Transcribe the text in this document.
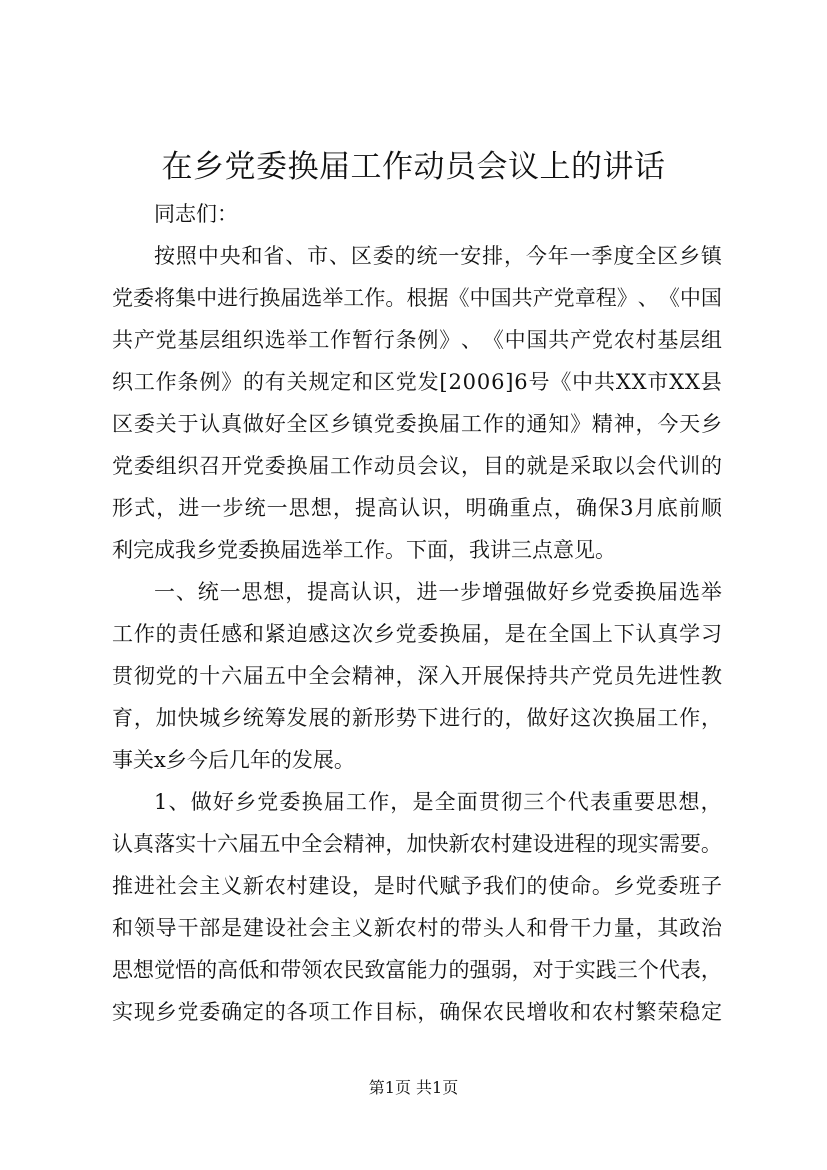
在乡党委换届工作动员会议上的讲话
同志们：
按 照 中 央 和 省 、 市 、 区 委 的 统 一 安 排 ， 今 年 一 季 度 全 区 乡 镇
党 委 将 集 中 进 行 换 届 选 举 工 作 。 根 据 《 中 国 共 产 党 章 程 》 、 《 中 国
共 产 党 基 层 组 织 选 举 工 作 暂 行 条 例 》 、 《 中 国 共 产 党 农 村 基 层 组
织 工 作 条 例 》 的 有 关 规 定 和 区 党 发 [ 2 0 0 6 ] 6 号 《 中 共 X X 市 X X 县
区 委 关 于 认 真 做 好 全 区 乡 镇 党 委 换 届 工 作 的 通 知 》 精 神 ， 今 天 乡
党 委 组 织 召 开 党 委 换 届 工 作 动 员 会 议 ， 目 的 就 是 采 取 以 会 代 训 的
形 式 ， 进 一 步 统 一 思 想 ， 提 高 认 识 ， 明 确 重 点 ， 确 保 3 月 底 前 顺
利完成我乡党委换届选举工作。下面，我讲三点意见。
一 、 统 一 思 想 ， 提 高 认 识 ， 进 一 步 增 强 做 好 乡 党 委 换 届 选 举
工 作 的 责 任 感 和 紧 迫 感 这 次 乡 党 委 换 届 ， 是 在 全 国 上 下 认 真 学 习
贯 彻 党 的 十 六 届 五 中 全 会 精 神 ， 深 入 开 展 保 持 共 产 党 员 先 进 性 教
育 ， 加 快 城 乡 统 筹 发 展 的 新 形 势 下 进 行 的 ， 做 好 这 次 换 届 工 作 ，
事关x乡今后几年的发展。
1 、 做 好 乡 党 委 换 届 工 作 ， 是 全 面 贯 彻 三 个 代 表 重 要 思 想 ，
认 真 落 实 十 六 届 五 中 全 会 精 神 ， 加 快 新 农 村 建 设 进 程 的 现 实 需 要 。
推 进 社 会 主 义 新 农 村 建 设 ， 是 时 代 赋 予 我 们 的 使 命 。 乡 党 委 班 子
和 领 导 干 部 是 建 设 社 会 主 义 新 农 村 的 带 头 人 和 骨 干 力 量 ， 其 政 治
思 想 觉 悟 的 高 低 和 带 领 农 民 致 富 能 力 的 强 弱 ， 对 于 实 践 三 个 代 表 ，
实 现 乡 党 委 确 定 的 各 项 工 作 目 标 ， 确 保 农 民 增 收 和 农 村 繁 荣 稳 定
第1页 共1页
